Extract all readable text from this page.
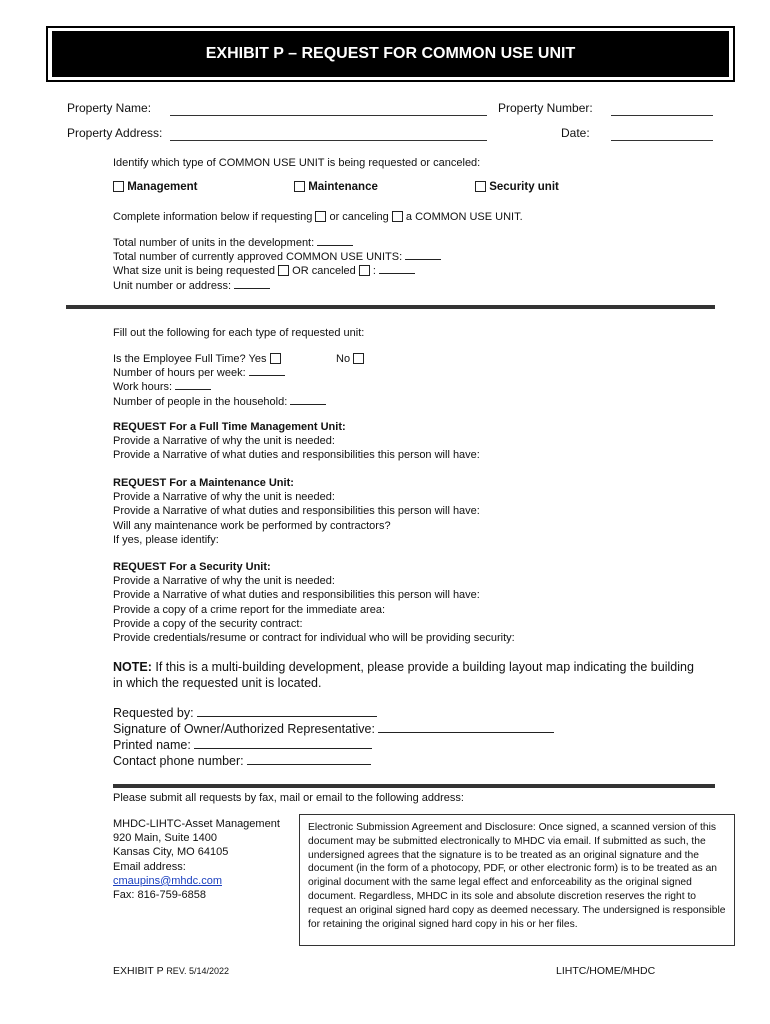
EXHIBIT P – REQUEST FOR COMMON USE UNIT
Property Name:	Property Number:
Property Address:	Date:
Identify which type of COMMON USE UNIT is being requested or canceled:
Management	Maintenance	Security unit
Complete information below if requesting or canceling a COMMON USE UNIT.
Total number of units in the development:
Total number of currently approved COMMON USE UNITS:
What size unit is being requested OR canceled :
Unit number or address:
Fill out the following for each type of requested unit:
Is the Employee Full Time? Yes	No
Number of hours per week:
Work hours:
Number of people in the household:
REQUEST For a Full Time Management Unit:
Provide a Narrative of why the unit is needed:
Provide a Narrative of what duties and responsibilities this person will have:
REQUEST For a Maintenance Unit:
Provide a Narrative of why the unit is needed:
Provide a Narrative of what duties and responsibilities this person will have:
Will any maintenance work be performed by contractors?
If yes, please identify:
REQUEST For a Security Unit:
Provide a Narrative of why the unit is needed:
Provide a Narrative of what duties and responsibilities this person will have:
Provide a copy of a crime report for the immediate area:
Provide a copy of the security contract:
Provide credentials/resume or contract for individual who will be providing security:
NOTE: If this is a multi-building development, please provide a building layout map indicating the building
in which the requested unit is located.
Requested by:
Signature of Owner/Authorized Representative:
Printed name:
Contact phone number:
Please submit all requests by fax, mail or email to the following address:
MHDC-LIHTC-Asset Management
920 Main, Suite 1400
Kansas City, MO 64105
Email address:
cmaupins@mhdc.com
Fax: 816-759-6858
Electronic Submission Agreement and Disclosure: Once signed, a scanned version of this document may be submitted electronically to MHDC via email. If submitted as such, the undersigned agrees that the signature is to be treated as an original signature and the document (in the form of a photocopy, PDF, or other electronic form) is to be treated as an original document with the same legal effect and enforceability as the original signed document. Regardless, MHDC in its sole and absolute discretion reserves the right to request an original signed hard copy as deemed necessary. The undersigned is responsible for retaining the original signed hard copy in his or her files.
EXHIBIT P REV. 5/14/2022	LIHTC/HOME/MHDC
